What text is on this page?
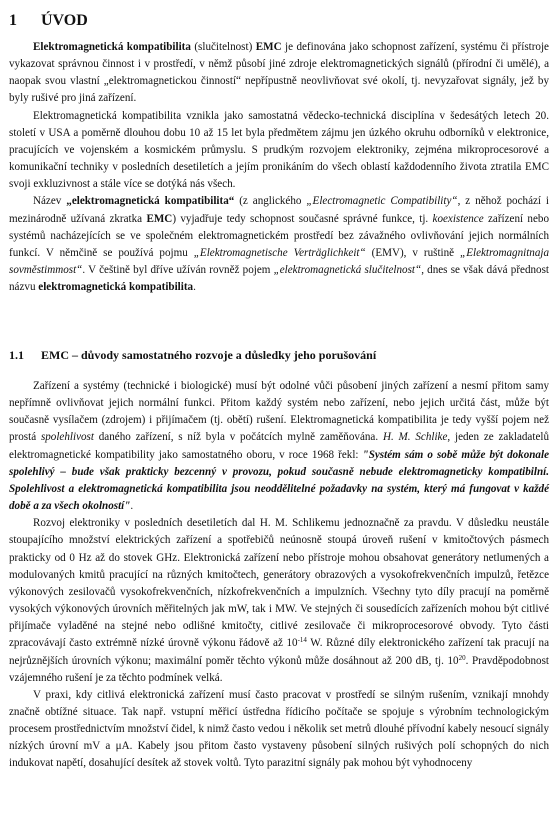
1 ÚVOD

Elektromagnetická kompatibilita (slučitelnost) EMC je definována jako schopnost zařízení, systému či přístroje vykazovat správnou činnost i v prostředí, v němž působí jiné zdroje elektromagnetických signálů (přírodní či umělé), a naopak svou vlastní „elektromagnetickou činností“ nepřípustně neovlivňovat své okolí, tj. nevyzařovat signály, jež by byly rušivé pro jiná zařízení.

Elektromagnetická kompatibilita vznikla jako samostatná vědecko-technická disciplína v šedesátých letech 20. století v USA a poměrně dlouhou dobu 10 až 15 let byla předmětem zájmu jen úzkého okruhu odborníků v elektronice, pracujících ve vojenském a kosmickém průmyslu. S prudkým rozvojem elektroniky, zejména mikroprocesorové a komunikační techniky v posledních desetiletích a jejím pronikáním do všech oblastí každodenního života ztratila EMC svoji exkluzivnost a stále více se dotýká nás všech.

Název „elektromagnetická kompatibilita“ (z anglického „Electromagnetic Compatibility“, z něhož pochází i mezinárodně užívaná zkratka EMC) vyjadřuje tedy schopnost současné správné funkce, tj. koexistence zařízení nebo systémů nacházejících se ve společném elektromagnetickém prostředí bez závažného ovlivňování jejich normálních funkcí. V němčině se používá pojmu „Elektromagnetische Verträglichkeit“ (EMV), v ruštině „Elektromagnitnaja sovměstimmost“. V češtině byl dříve užíván rovněž pojem „elektromagnetická slučitelnost“, dnes se však dává přednost názvu elektromagnetická kompatibilita.

1.1 EMC – důvody samostatného rozvoje a důsledky jeho porušování

Zařízení a systémy (technické i biologické) musí být odolné vůči působení jiných zařízení a nesmí přitom samy nepřímně ovlivňovat jejich normální funkci. Přitom každý systém nebo zařízení, nebo jejich určitá část, může být současně vysílačem (zdrojem) i přijímačem (tj. obětí) rušení. Elektromagnetická kompatibilita je tedy vyšší pojem než prostá spolehlivost daného zařízení, s níž byla v počátcích mylně zaměňována. H. M. Schlike, jeden ze zakladatelů elektromagnetické kompatibility jako samostatného oboru, v roce 1968 řekl: "Systém sám o sobě může být dokonale spolehlivý – bude však prakticky bezcenný v provozu, pokud současně nebude elektromagneticky kompatibilní. Spolehlivost a elektromagnetická kompatibilita jsou neoddělitelné požadavky na systém, který má fungovat v každé době a za všech okolností".

Rozvoj elektroniky v posledních desetiletích dal H. M. Schlikemu jednoznačně za pravdu. V důsledku neustále stoupajícího množství elektrických zařízení a spotřebičů neúnosně stoupá úroveň rušení v kmitočtových pásmech prakticky od 0 Hz až do stovek GHz. Elektronická zařízení nebo přístroje mohou obsahovat generátory netlumených a modulovaných kmitů pracující na různých kmitočtech, generátory obrazových a vysokofrekvenčních impulzů, řetězce výkonových zesilovačů vysokofrekvenčních, nízkofrekvenčních a impulzních. Všechny tyto díly pracují na poměrně vysokých výkonových úrovních měřitelných jak mW, tak i MW. Ve stejných či sousedících zařízeních mohou být citlivé přijímače vyladěné na stejné nebo odlišné kmitočty, citlivé zesilovače či mikroprocesorové obvody. Tyto části zpracovávají často extrémně nízké úrovně výkonu řádově až $10^{-14}$ W. Různé díly elektronického zařízení tak pracují na nejrůznějších úrovních výkonu; maximální poměr těchto výkonů může dosáhnout až 200 dB, tj. $10^{20}$. Pravděpodobnost vzájemného rušení je za těchto podmínek velká.

V praxi, kdy citlivá elektronická zařízení musí často pracovat v prostředí se silným rušením, vznikají mnohdy značně obtížné situace. Tak např. vstupní měřicí ústředna řídicího počítače se spojuje s výrobním technologickým procesem prostřednictvím množství čidel, k nimž často vedou i několik set metrů dlouhé přívodní kabely nesoucí signály nízkých úrovní mV a μA. Kabely jsou přitom často vystaveny působení silných rušivých polí schopných do nich indukovat napětí, dosahující desítek až stovek voltů. Tyto parazitní signály pak mohou být vyhodnoceny
